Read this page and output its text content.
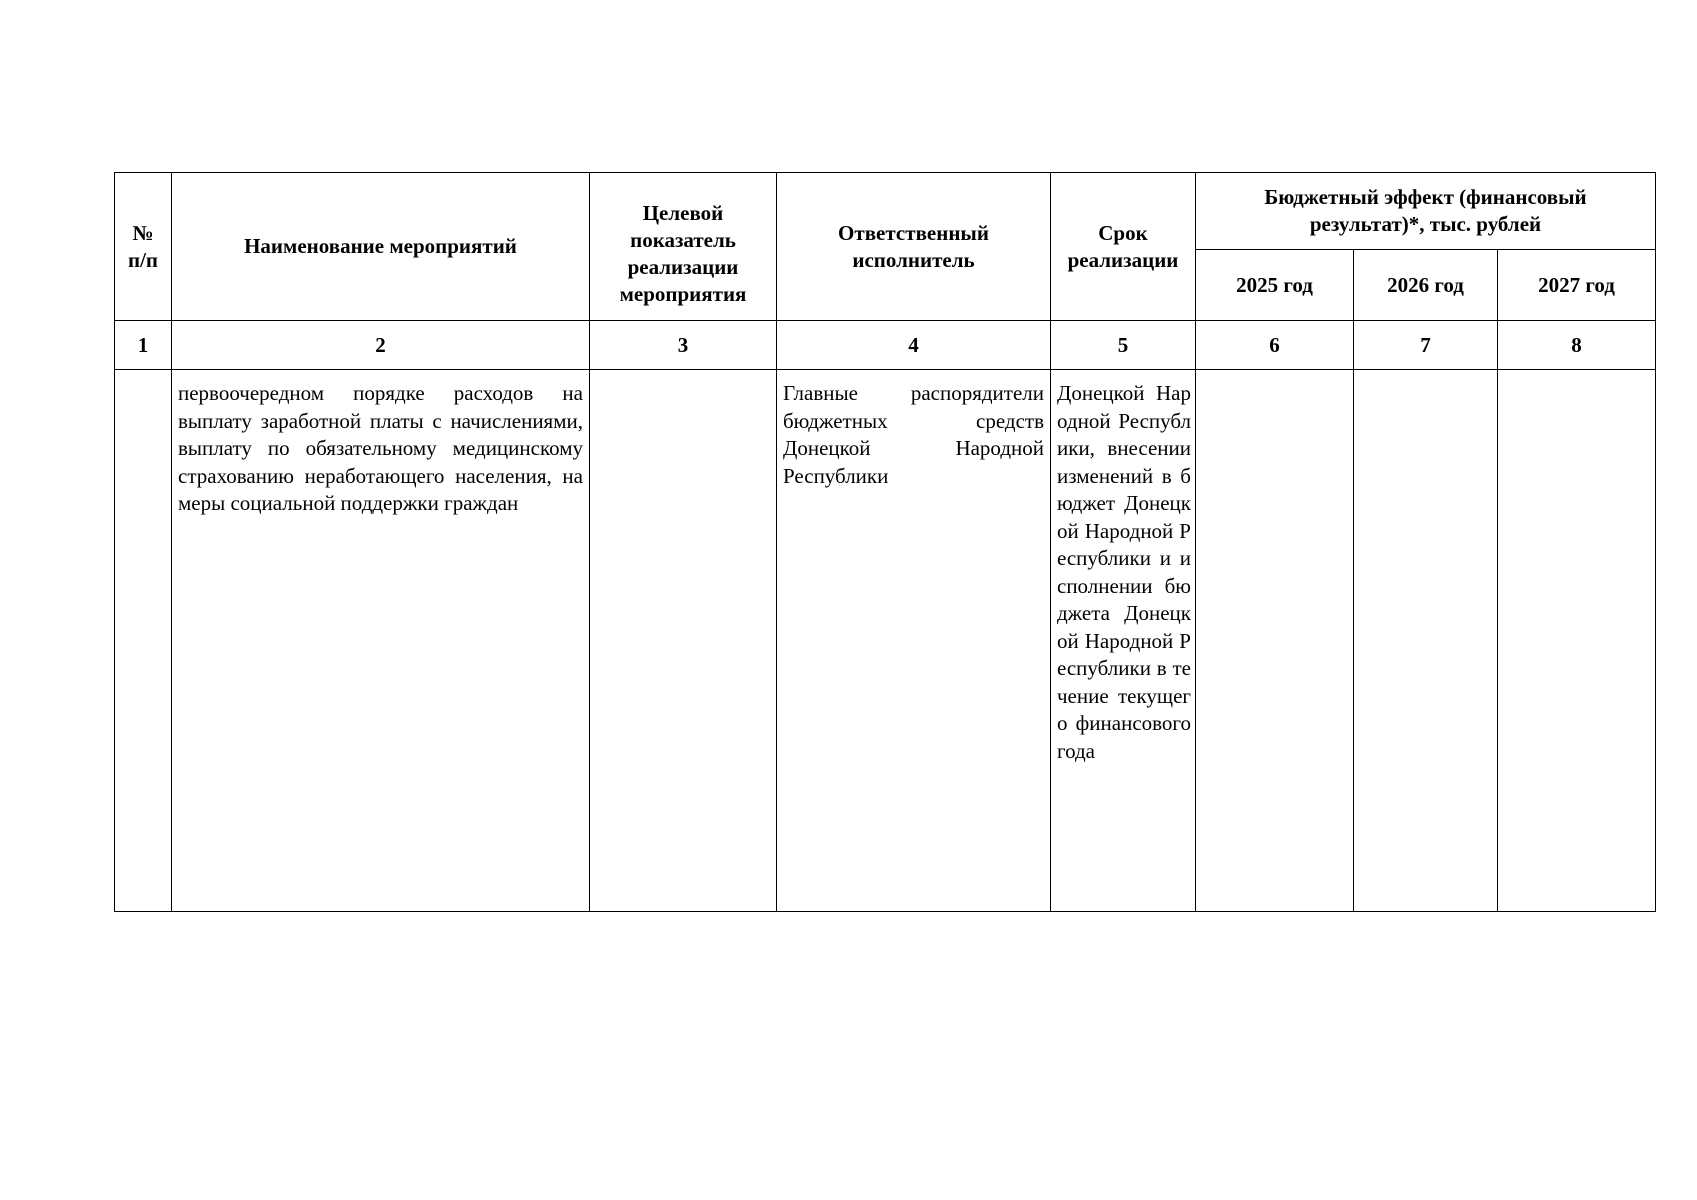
№ п/п	Наименование мероприятий	Целевой показатель реализации мероприятия	Ответственный исполнитель	Срок реализации	Бюджетный эффект (финансовый результат)*, тыс. рублей		

					2025 год	2026 год	2027 год
1	2	3	4	5	6	7	8

	первоочередном порядке расходов на выплату заработной платы с начислениями, выплату по обязательному медицинскому страхованию неработающего населения, на меры социальной поддержки граждан		Главные распорядители бюджетных средств Донецкой Народной Республики	Донецкой Народной Республики, внесении изменений в бюджет Донецкой Народной Республики и исполнении бюджета Донецкой Народной Республики в течение текущего финансового года			
